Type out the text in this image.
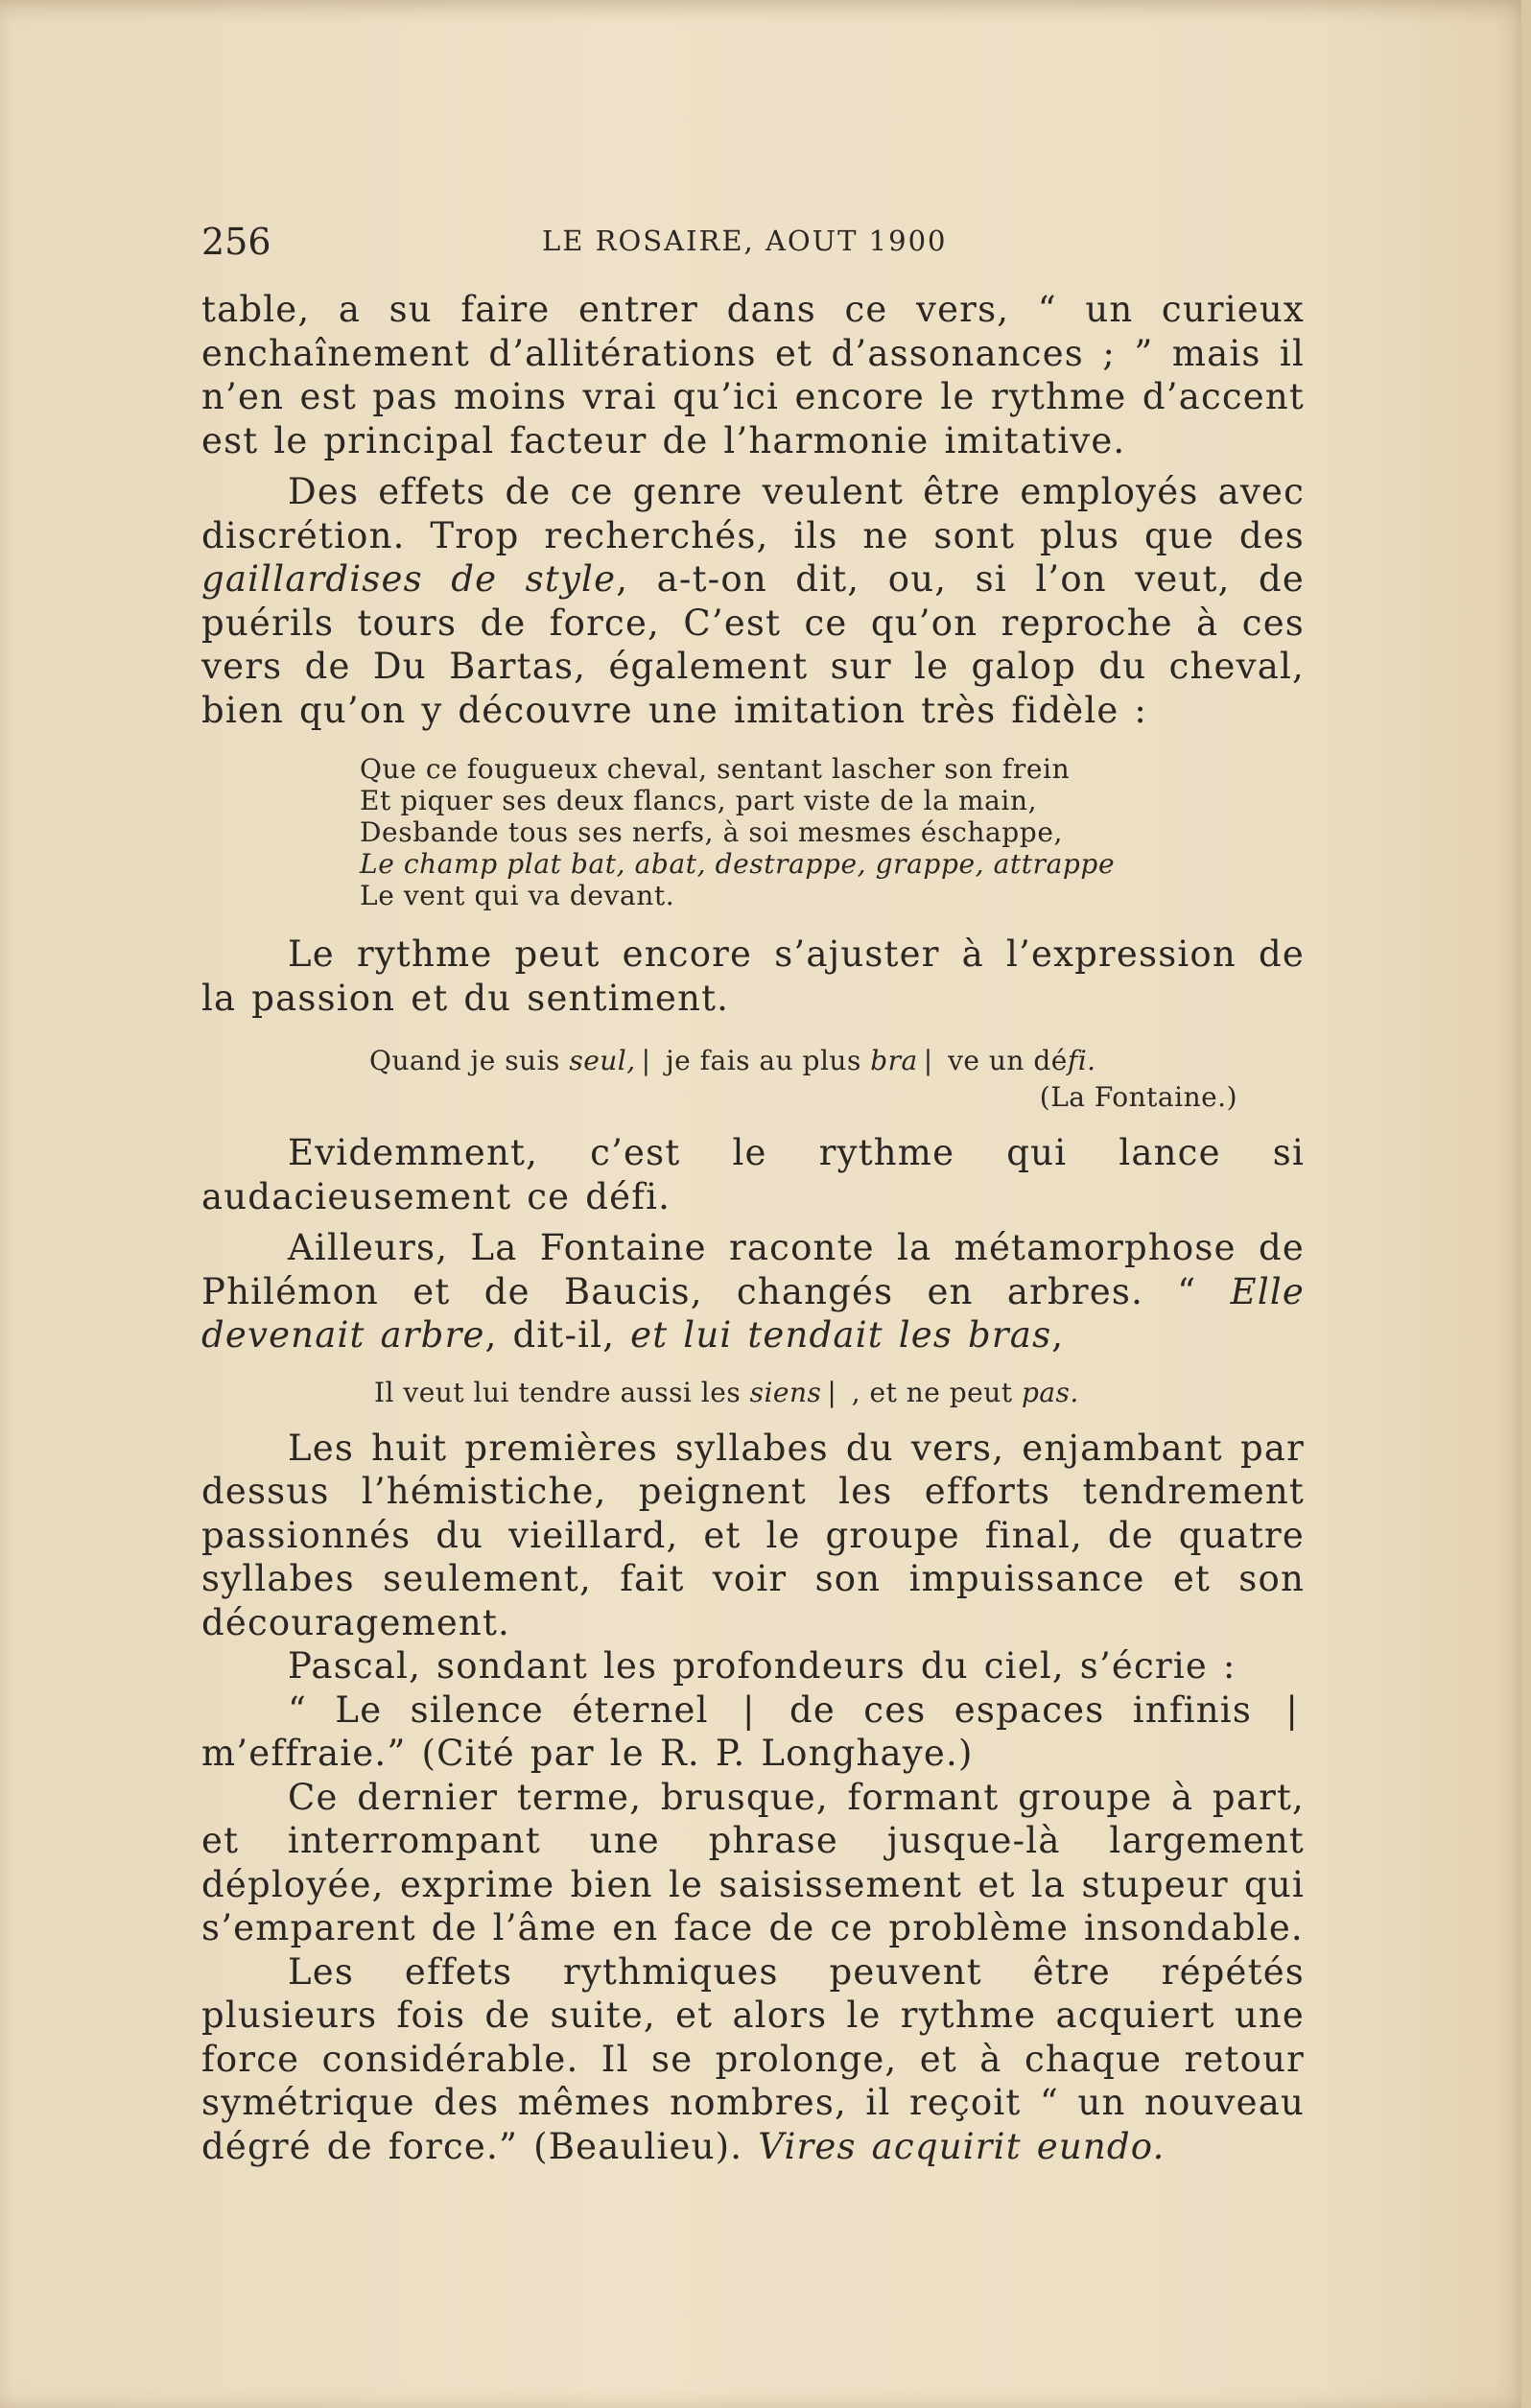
256	LE ROSAIRE, AOUT 1900

table, a su faire entrer dans ce vers, “ un curieux enchaînement d’allitérations et d’assonances ; ” mais il n’en est pas moins vrai qu’ici encore le rythme d’accent est le principal facteur de l’harmonie imitative.

Des effets de ce genre veulent être employés avec discrétion. Trop recherchés, ils ne sont plus que des gaillardises de style, a-t-on dit, ou, si l’on veut, de puérils tours de force, C’est ce qu’on reproche à ces vers de Du Bartas, également sur le galop du cheval, bien qu’on y découvre une imitation très fidèle :

Que ce fougueux cheval, sentant lascher son frein
Et piquer ses deux flancs, part viste de la main,
Desbande tous ses nerfs, à soi mesmes éschappe,
Le champ plat bat, abat, destrappe, grappe, attrappe
Le vent qui va devant.

Le rythme peut encore s’ajuster à l’expression de la passion et du sentiment.

Quand je suis seul, | je fais au plus bra | ve un défi.
(La Fontaine.)

Evidemment, c’est le rythme qui lance si audacieusement ce défi.

Ailleurs, La Fontaine raconte la métamorphose de Philémon et de Baucis, changés en arbres. “ Elle devenait arbre, dit-il, et lui tendait les bras,

Il veut lui tendre aussi les siens | , et ne peut pas.

Les huit premières syllabes du vers, enjambant par dessus l’hémistiche, peignent les efforts tendrement passionnés du vieillard, et le groupe final, de quatre syllabes seulement, fait voir son impuissance et son découragement.

Pascal, sondant les profondeurs du ciel, s’écrie :

“ Le silence éternel | de ces espaces infinis | m’effraie.” (Cité par le R. P. Longhaye.)

Ce dernier terme, brusque, formant groupe à part, et interrompant une phrase jusque-là largement déployée, exprime bien le saisissement et la stupeur qui s’emparent de l’âme en face de ce problème insondable.

Les effets rythmiques peuvent être répétés plusieurs fois de suite, et alors le rythme acquiert une force considérable. Il se prolonge, et à chaque retour symétrique des mêmes nombres, il reçoit “ un nouveau dégré de force.” (Beaulieu). Vires acquirit eundo.
